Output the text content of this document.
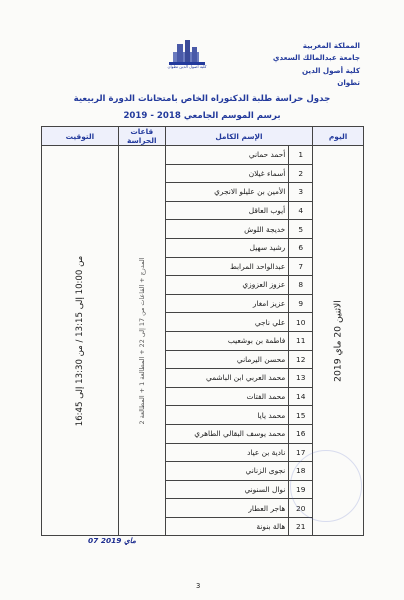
المملكة المغربية
جامعة عبدالمالك السعدي
كلية أصول الدين
تطوان
كلية أصول الدين تطوان
جدول حراسة طلبة الدكتوراه الخاص بامتحانات الدورة الربيعية
برسم الموسم الجامعي 2018 - 2019
اليوم	الإسم الكامل		قاعات الحراسة	التوقيت

الاثنين 20 ماي 2019	1	أحمد حماني	المدرج + القاعات من 17 إلى 22 + المطالعة 1 + المطالعة 2	من 10:00 إلى 13:15 / من 13:30 إلى 16:45

	2	أسماء غيلان		
	3	الأمين بن عليلو الانجري		
	4	أيوب العاقل		
	5	خديجة اللوش		
	6	رشيد سهيل		
	7	عبدالواحد المرابط		
	8	عزوز العزوزي		
	9	عزيز امغار		
	10	علي ناجي		
	11	فاطمة بن بوشعيب		
	12	محسن اليرماني		
	13	محمد العربي ابن الباشمي		
	14	محمد الفتات		
	15	محمد يايا		
	16	محمد يوسف البقالي الطاهري		
	17	نادية بن عياد		
	18	نجوى الزناني		
	19	نوال السنوني		
	20	هاجر العطار		
	21	هالة بنونة		
07 ماي 2019
3
